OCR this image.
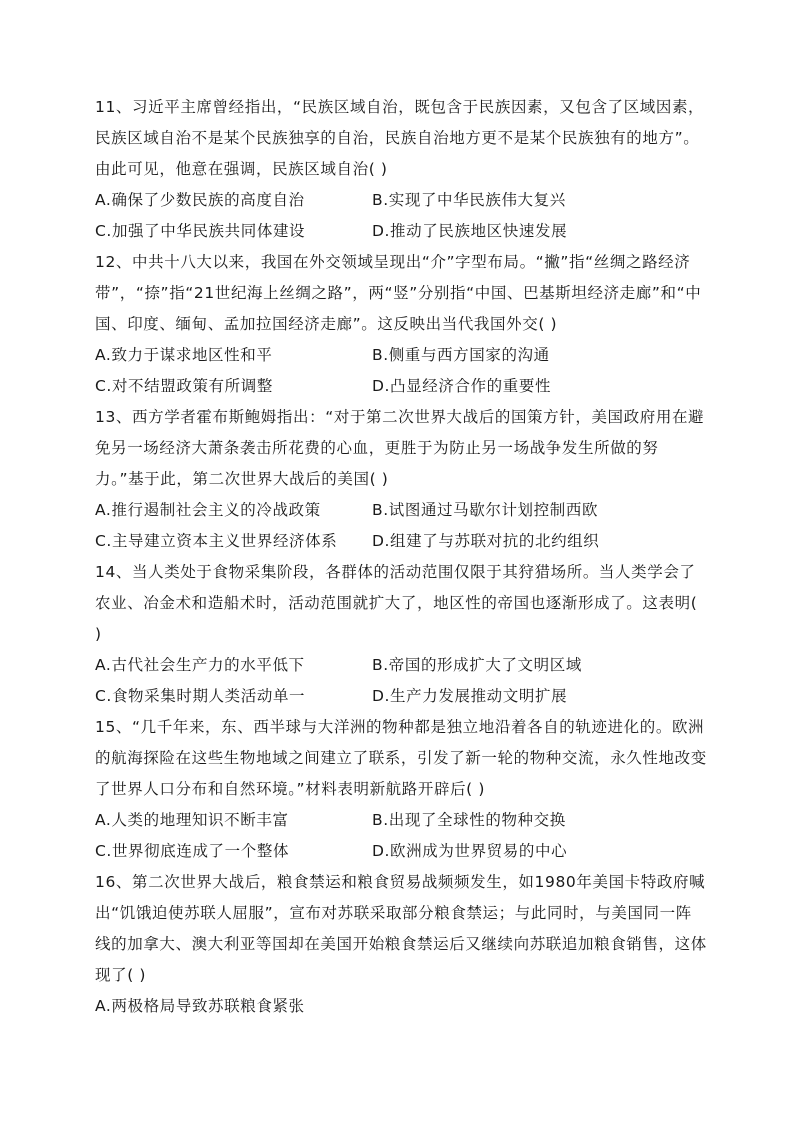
11、习近平主席曾经指出，“民族区域自治，既包含于民族因素，又包含了区域因素，民族区域自治不是某个民族独享的自治，民族自治地方更不是某个民族独有的地方”。由此可见，他意在强调，民族区域自治( )
A.确保了少数民族的高度自治	B.实现了中华民族伟大复兴
C.加强了中华民族共同体建设	D.推动了民族地区快速发展
12、中共十八大以来，我国在外交领域呈现出“介”字型布局。“撇”指“丝绸之路经济带”，“捺”指“21世纪海上丝绸之路”，两“竖”分别指“中国、巴基斯坦经济走廊”和“中国、印度、缅甸、孟加拉国经济走廊”。这反映出当代我国外交( )
A.致力于谋求地区性和平	B.侧重与西方国家的沟通
C.对不结盟政策有所调整	D.凸显经济合作的重要性
13、西方学者霍布斯鲍姆指出：“对于第二次世界大战后的国策方针，美国政府用在避免另一场经济大萧条袭击所花费的心血，更胜于为防止另一场战争发生所做的努力。”基于此，第二次世界大战后的美国( )
A.推行遏制社会主义的冷战政策	B.试图通过马歇尔计划控制西欧
C.主导建立资本主义世界经济体系	D.组建了与苏联对抗的北约组织
14、当人类处于食物采集阶段，各群体的活动范围仅限于其狩猎场所。当人类学会了农业、冶金术和造船术时，活动范围就扩大了，地区性的帝国也逐渐形成了。这表明( )
A.古代社会生产力的水平低下	B.帝国的形成扩大了文明区域
C.食物采集时期人类活动单一	D.生产力发展推动文明扩展
15、“几千年来，东、西半球与大洋洲的物种都是独立地沿着各自的轨迹进化的。欧洲的航海探险在这些生物地域之间建立了联系，引发了新一轮的物种交流，永久性地改变了世界人口分布和自然环境。”材料表明新航路开辟后( )
A.人类的地理知识不断丰富	B.出现了全球性的物种交换
C.世界彻底连成了一个整体	D.欧洲成为世界贸易的中心
16、第二次世界大战后，粮食禁运和粮食贸易战频频发生，如1980年美国卡特政府喊出“饥饿迫使苏联人屈服”，宣布对苏联采取部分粮食禁运；与此同时，与美国同一阵线的加拿大、澳大利亚等国却在美国开始粮食禁运后又继续向苏联追加粮食销售，这体现了( )
A.两极格局导致苏联粮食紧张
